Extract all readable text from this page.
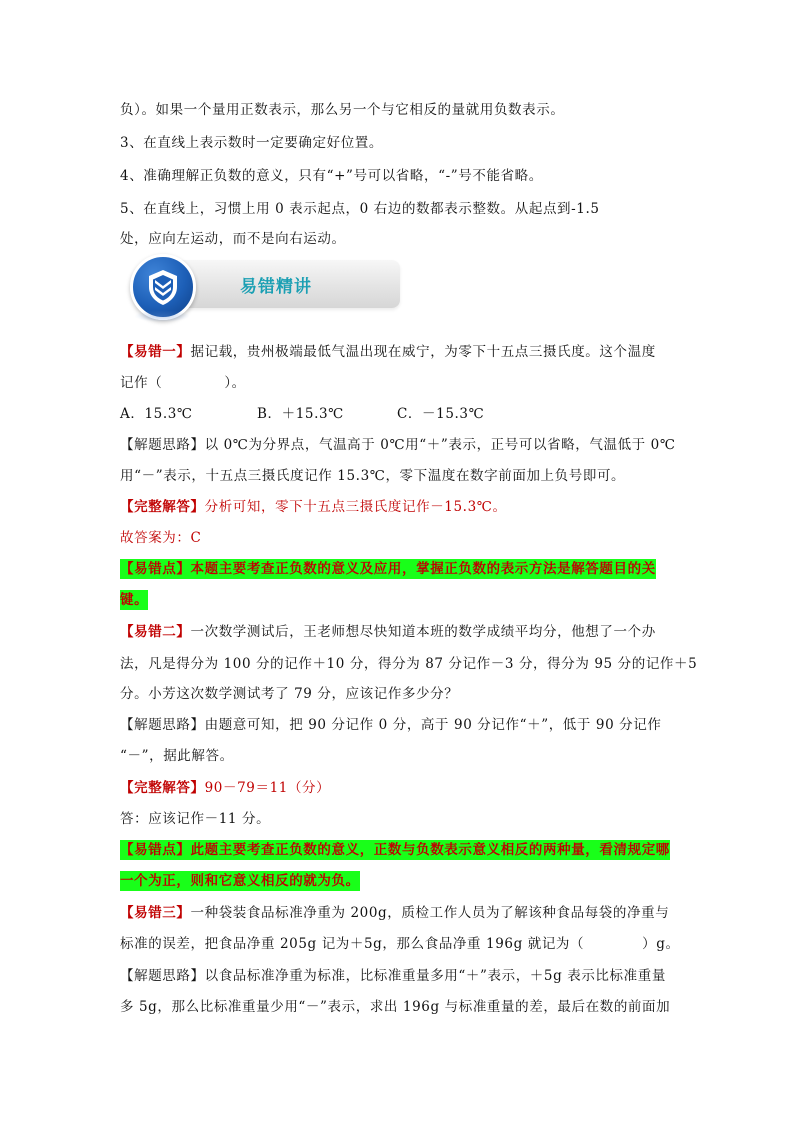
负）。如果一个量用正数表示，那么另一个与它相反的量就用负数表示。
3、在直线上表示数时一定要确定好位置。
4、准确理解正负数的意义，只有“+”号可以省略，“-”号不能省略。
5、在直线上，习惯上用 0 表示起点，0 右边的数都表示整数。从起点到-1.5
处，应向左运动，而不是向右运动。
易错精讲
【易错一】据记载，贵州极端最低气温出现在威宁，为零下十五点三摄氏度。这个温度
记作（	）。
A．15.3℃	B．＋15.3℃	C．－15.3℃
【解题思路】以 0℃为分界点，气温高于 0℃用“＋”表示，正号可以省略，气温低于 0℃
用“－”表示，十五点三摄氏度记作 15.3℃，零下温度在数字前面加上负号即可。
【完整解答】分析可知，零下十五点三摄氏度记作－15.3℃。
故答案为：C
【易错点】本题主要考查正负数的意义及应用，掌握正负数的表示方法是解答题目的关
键。
【易错二】一次数学测试后，王老师想尽快知道本班的数学成绩平均分，他想了一个办
法，凡是得分为 100 分的记作＋10 分，得分为 87 分记作－3 分，得分为 95 分的记作＋5
分。小芳这次数学测试考了 79 分，应该记作多少分？
【解题思路】由题意可知，把 90 分记作 0 分，高于 90 分记作“＋”，低于 90 分记作
“－”，据此解答。
【完整解答】90－79＝11（分）
答：应该记作－11 分。
【易错点】此题主要考查正负数的意义，正数与负数表示意义相反的两种量，看清规定哪
一个为正，则和它意义相反的就为负。
【易错三】一种袋装食品标准净重为 200g，质检工作人员为了解该种食品每袋的净重与
标准的误差，把食品净重 205g 记为＋5g，那么食品净重 196g 就记为（	）g。
【解题思路】以食品标准净重为标准，比标准重量多用“＋”表示，＋5g 表示比标准重量
多 5g，那么比标准重量少用“－”表示，求出 196g 与标准重量的差，最后在数的前面加
